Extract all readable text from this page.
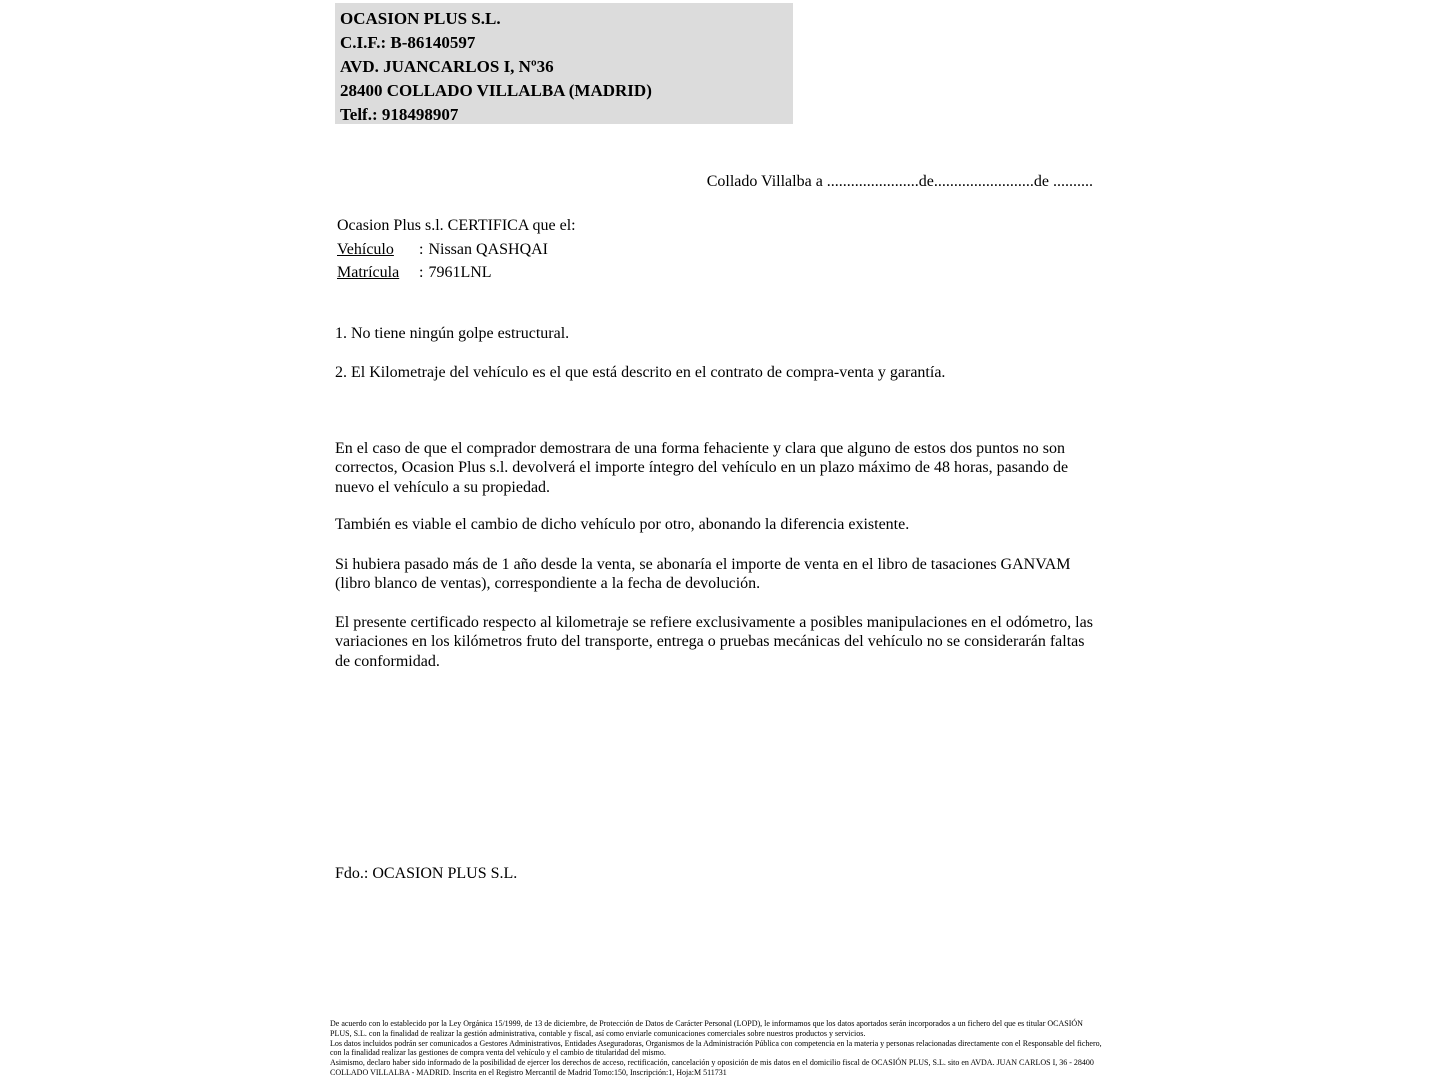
OCASION PLUS S.L.
C.I.F.: B-86140597
AVD. JUANCARLOS I, Nº36
28400 COLLADO VILLALBA (MADRID)
Telf.: 918498907
Collado Villalba a .......................de.........................de ..........
Ocasion Plus s.l. CERTIFICA que el:
Vehículo : Nissan QASHQAI
Matrícula : 7961LNL
1. No tiene ningún golpe estructural.
2. El Kilometraje del vehículo es el que está descrito en el contrato de compra-venta y garantía.
En el caso de que el comprador demostrara de una forma fehaciente y clara que alguno de estos dos puntos no son correctos, Ocasion Plus s.l. devolverá el importe íntegro del vehículo en un plazo máximo de 48 horas, pasando de nuevo el vehículo a su propiedad.
También es viable el cambio de dicho vehículo por otro, abonando la diferencia existente.
Si hubiera pasado más de 1 año desde la venta, se abonaría el importe de venta en el libro de tasaciones GANVAM (libro blanco de ventas), correspondiente a la fecha de devolución.
El presente certificado respecto al kilometraje se refiere exclusivamente a posibles manipulaciones en el odómetro, las variaciones en los kilómetros fruto del transporte, entrega o pruebas mecánicas del vehículo no se considerarán faltas de conformidad.
Fdo.: OCASION PLUS S.L.

De acuerdo con lo establecido por la Ley Orgánica 15/1999, de 13 de diciembre, de Protección de Datos de Carácter Personal (LOPD), le informamos que los datos aportados serán incorporados a un fichero del que es titular OCASIÓN PLUS, S.L. con la finalidad de realizar la gestión administrativa, contable y fiscal, así como enviarle comunicaciones comerciales sobre nuestros productos y servicios.

Los datos incluidos podrán ser comunicados a Gestores Administrativos, Entidades Aseguradoras, Organismos de la Administración Pública con competencia en la materia y personas relacionadas directamente con el Responsable del fichero, con la finalidad realizar las gestiones de compra venta del vehículo y el cambio de titularidad del mismo.

Asimismo, declaro haber sido informado de la posibilidad de ejercer los derechos de acceso, rectificación, cancelación y oposición de mis datos en el domicilio fiscal de OCASIÓN PLUS, S.L. sito en AVDA. JUAN CARLOS I, 36 - 28400 COLLADO VILLALBA - MADRID. Inscrita en el Registro Mercantil de Madrid Tomo:150, Inscripción:1, Hoja:M 511731
